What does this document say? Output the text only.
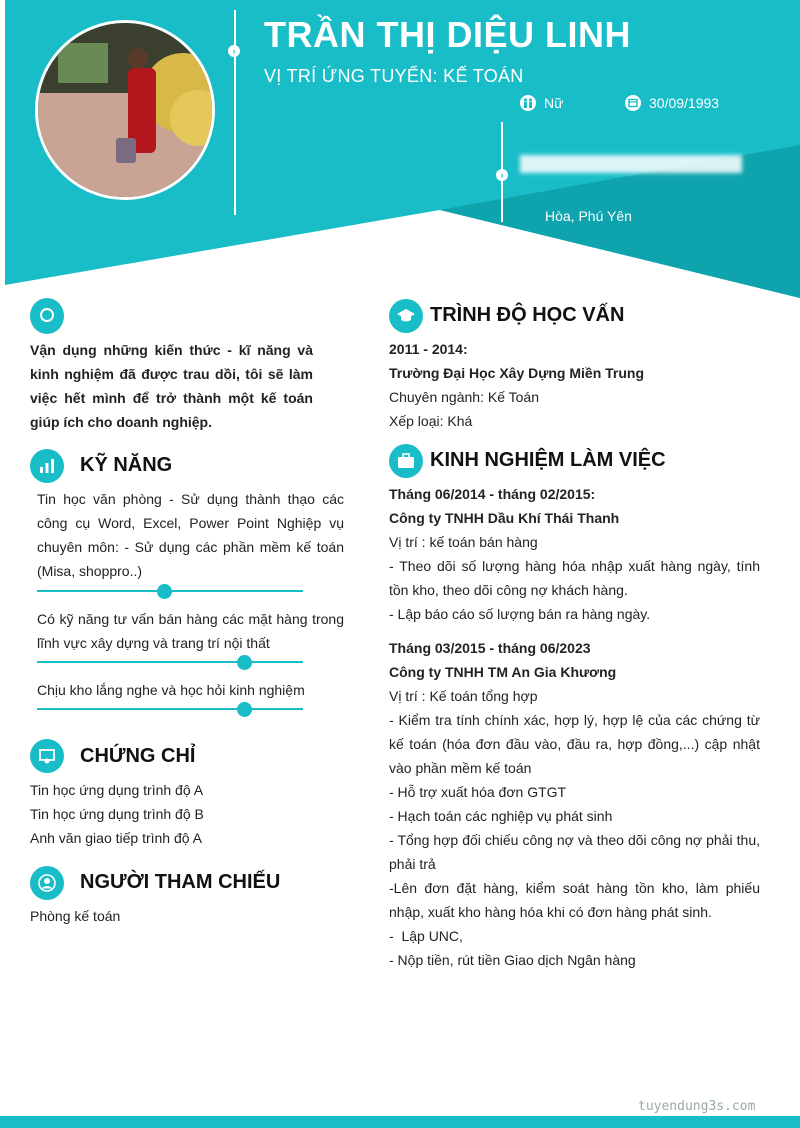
›
›
TRẦN THỊ DIỆU LINH
VỊ TRÍ ỨNG TUYỂN: KẾ TOÁN
Nữ	30/09/1993
Hòa, Phú Yên
Vận dụng những kiến thức - kĩ năng và kinh nghiệm đã được trau dồi, tôi sẽ làm việc hết mình để trở thành một kế toán giúp ích cho doanh nghiệp.
KỸ NĂNG
Tin học văn phòng - Sử dụng thành thạo các công cụ Word, Excel, Power Point Nghiệp vụ chuyên môn: - Sử dụng các phần mềm kế toán (Misa, shoppro..)
Có kỹ năng tư vấn bán hàng các mặt hàng trong lĩnh vực xây dựng và trang trí nội thất
Chịu kho lắng nghe và học hỏi kinh nghiệm
CHỨNG CHỈ
Tin học ứng dụng trình độ A
Tin học ứng dụng trình độ B
Anh văn giao tiếp trình độ A
NGƯỜI THAM CHIẾU
Phòng kế toán
TRÌNH ĐỘ HỌC VẤN
2011 - 2014:
Trường Đại Học Xây Dựng Miền Trung
Chuyên ngành: Kế Toán
Xếp loại: Khá
KINH NGHIỆM LÀM VIỆC
Tháng 06/2014 - tháng 02/2015:
Công ty TNHH Dầu Khí Thái Thanh
Vị trí : kế toán bán hàng
- Theo dõi số lượng hàng hóa nhập xuất hàng ngày, tính tồn kho, theo dõi công nợ khách hàng.
- Lập báo cáo số lượng bán ra hàng ngày.
Tháng 03/2015 - tháng 06/2023
Công ty TNHH TM An Gia Khương
Vị trí : Kế toán tổng hợp
- Kiểm tra tính chính xác, hợp lý, hợp lệ của các chứng từ kế toán (hóa đơn đầu vào, đầu ra, hợp đồng,...) cập nhật vào phần mềm kế toán
- Hỗ trợ xuất hóa đơn GTGT
- Hạch toán các nghiệp vụ phát sinh
- Tổng hợp đối chiếu công nợ và theo dõi công nợ phải thu, phải trả
-Lên đơn đặt hàng, kiểm soát hàng tồn kho, làm phiếu nhập, xuất kho hàng hóa khi có đơn hàng phát sinh.
-  Lập UNC,
- Nộp tiền, rút tiền Giao dịch Ngân hàng
tuyendung3s.com
